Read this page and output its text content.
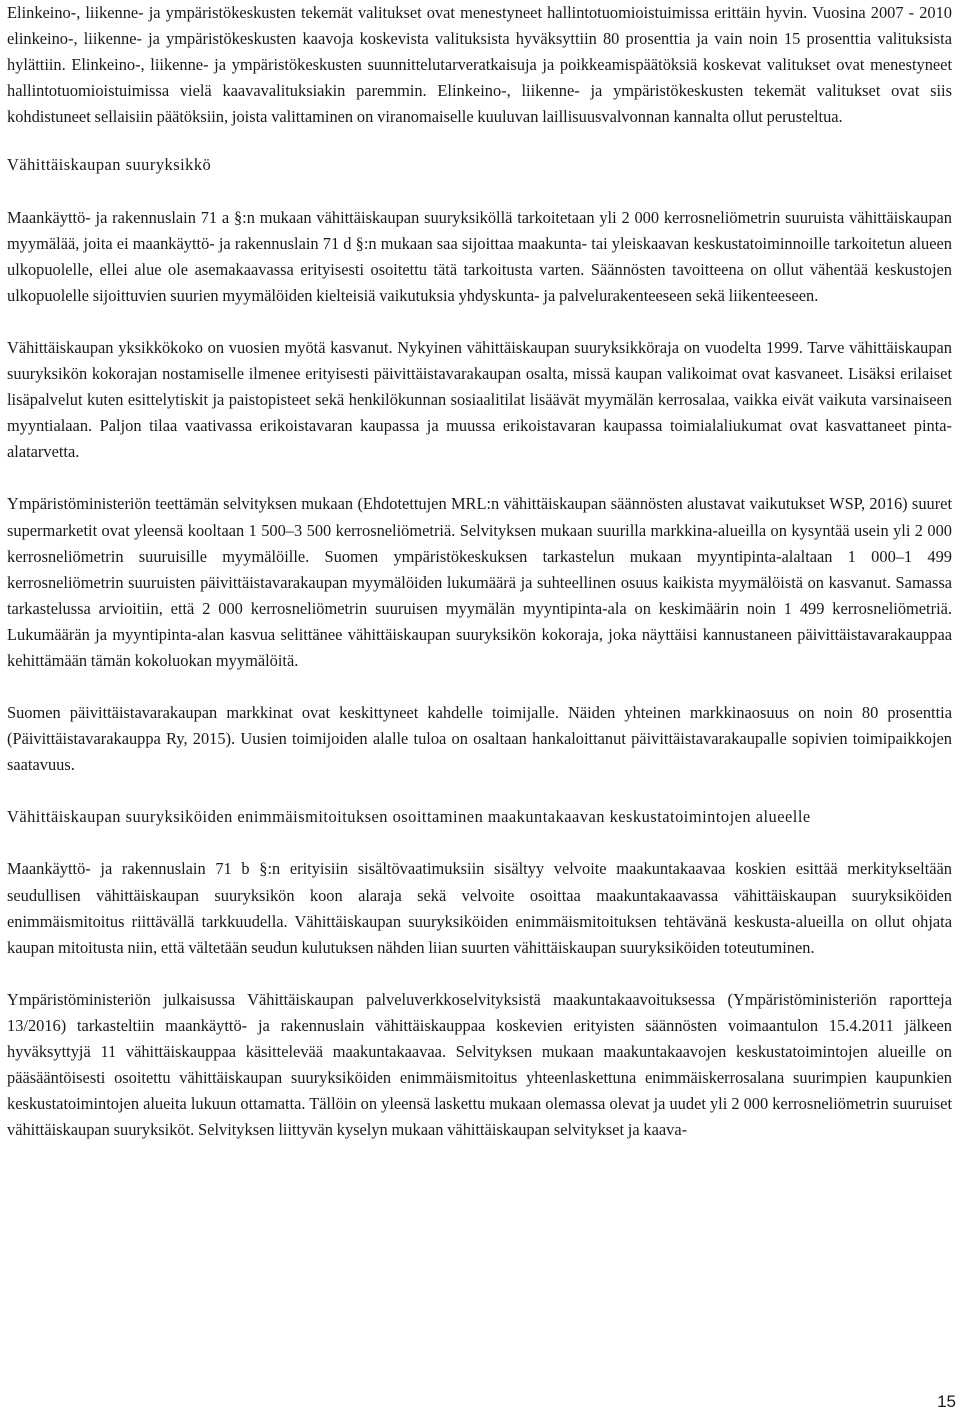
Elinkeino-, liikenne- ja ympäristökeskusten tekemät valitukset ovat menestyneet hallintotuomioistuimissa erittäin hyvin. Vuosina 2007 - 2010 elinkeino-, liikenne- ja ympäristökeskusten kaavoja koskevista valituksista hyväksyttiin 80 prosenttia ja vain noin 15 prosenttia valituksista hylättiin. Elinkeino-, liikenne- ja ympäristökeskusten suunnittelutarveratkaisuja ja poikkeamispäätöksiä koskevat valitukset ovat menestyneet hallintotuomioistuimissa vielä kaavavalituksiakin paremmin. Elinkeino-, liikenne- ja ympäristökeskusten tekemät valitukset ovat siis kohdistuneet sellaisiin päätöksiin, joista valittaminen on viranomaiselle kuuluvan laillisuusvalvonnan kannalta ollut perusteltua.

Vähittäiskaupan suuryksikkö

Maankäyttö- ja rakennuslain 71 a §:n mukaan vähittäiskaupan suuryksiköllä tarkoitetaan yli 2 000 kerrosneliömetrin suuruista vähittäiskaupan myymälää, joita ei maankäyttö- ja rakennuslain 71 d §:n mukaan saa sijoittaa maakunta- tai yleiskaavan keskustatoiminnoille tarkoitetun alueen ulkopuolelle, ellei alue ole asemakaavassa erityisesti osoitettu tätä tarkoitusta varten. Säännösten tavoitteena on ollut vähentää keskustojen ulkopuolelle sijoittuvien suurien myymälöiden kielteisiä vaikutuksia yhdyskunta- ja palvelurakenteeseen sekä liikenteeseen.

Vähittäiskaupan yksikkökoko on vuosien myötä kasvanut. Nykyinen vähittäiskaupan suuryksikköraja on vuodelta 1999. Tarve vähittäiskaupan suuryksikön kokorajan nostamiselle ilmenee erityisesti päivittäistavarakaupan osalta, missä kaupan valikoimat ovat kasvaneet. Lisäksi erilaiset lisäpalvelut kuten esittelytiskit ja paistopisteet sekä henkilökunnan sosiaalitilat lisäävät myymälän kerrosalaa, vaikka eivät vaikuta varsinaiseen myyntialaan. Paljon tilaa vaativassa erikoistavaran kaupassa ja muussa erikoistavaran kaupassa toimialaliukumat ovat kasvattaneet pinta-alatarvetta.

Ympäristöministeriön teettämän selvityksen mukaan (Ehdotettujen MRL:n vähittäiskaupan säännösten alustavat vaikutukset WSP, 2016) suuret supermarketit ovat yleensä kooltaan 1 500–3 500 kerrosneliömetriä. Selvityksen mukaan suurilla markkina-alueilla on kysyntää usein yli 2 000 kerrosneliömetrin suuruisille myymälöille. Suomen ympäristökeskuksen tarkastelun mukaan myyntipinta-alaltaan 1 000–1 499 kerrosneliömetrin suuruisten päivittäistavarakaupan myymälöiden lukumäärä ja suhteellinen osuus kaikista myymälöistä on kasvanut. Samassa tarkastelussa arvioitiin, että 2 000 kerrosneliömetrin suuruisen myymälän myyntipinta-ala on keskimäärin noin 1 499 kerrosneliömetriä. Lukumäärän ja myyntipinta-alan kasvua selittänee vähittäiskaupan suuryksikön kokoraja, joka näyttäisi kannustaneen päivittäistavarakauppaa kehittämään tämän kokoluokan myymälöitä.

Suomen päivittäistavarakaupan markkinat ovat keskittyneet kahdelle toimijalle. Näiden yhteinen markkinaosuus on noin 80 prosenttia (Päivittäistavarakauppa Ry, 2015). Uusien toimijoiden alalle tuloa on osaltaan hankaloittanut päivittäistavarakaupalle sopivien toimipaikkojen saatavuus.

Vähittäiskaupan suuryksiköiden enimmäismitoituksen osoittaminen maakuntakaavan keskustatoimintojen alueelle

Maankäyttö- ja rakennuslain 71 b §:n erityisiin sisältövaatimuksiin sisältyy velvoite maakuntakaavaa koskien esittää merkitykseltään seudullisen vähittäiskaupan suuryksikön koon alaraja sekä velvoite osoittaa maakuntakaavassa vähittäiskaupan suuryksiköiden enimmäismitoitus riittävällä tarkkuudella. Vähittäiskaupan suuryksiköiden enimmäismitoituksen tehtävänä keskusta-alueilla on ollut ohjata kaupan mitoitusta niin, että vältetään seudun kulutuksen nähden liian suurten vähittäiskaupan suuryksiköiden toteutuminen.

Ympäristöministeriön julkaisussa Vähittäiskaupan palveluverkkoselvityksistä maakuntakaavoituksessa (Ympäristöministeriön raportteja 13/2016) tarkasteltiin maankäyttö- ja rakennuslain vähittäiskauppaa koskevien erityisten säännösten voimaantulon 15.4.2011 jälkeen hyväksyttyjä 11 vähittäiskauppaa käsittelevää maakuntakaavaa. Selvityksen mukaan maakuntakaavojen keskustatoimintojen alueille on pääsääntöisesti osoitettu vähittäiskaupan suuryksiköiden enimmäismitoitus yhteenlaskettuna enimmäiskerrosalana suurimpien kaupunkien keskustatoimintojen alueita lukuun ottamatta. Tällöin on yleensä laskettu mukaan olemassa olevat ja uudet yli 2 000 kerrosneliömetrin suuruiset vähittäiskaupan suuryksiköt. Selvityksen liittyvän kyselyn mukaan vähittäiskaupan selvitykset ja kaava-

15
